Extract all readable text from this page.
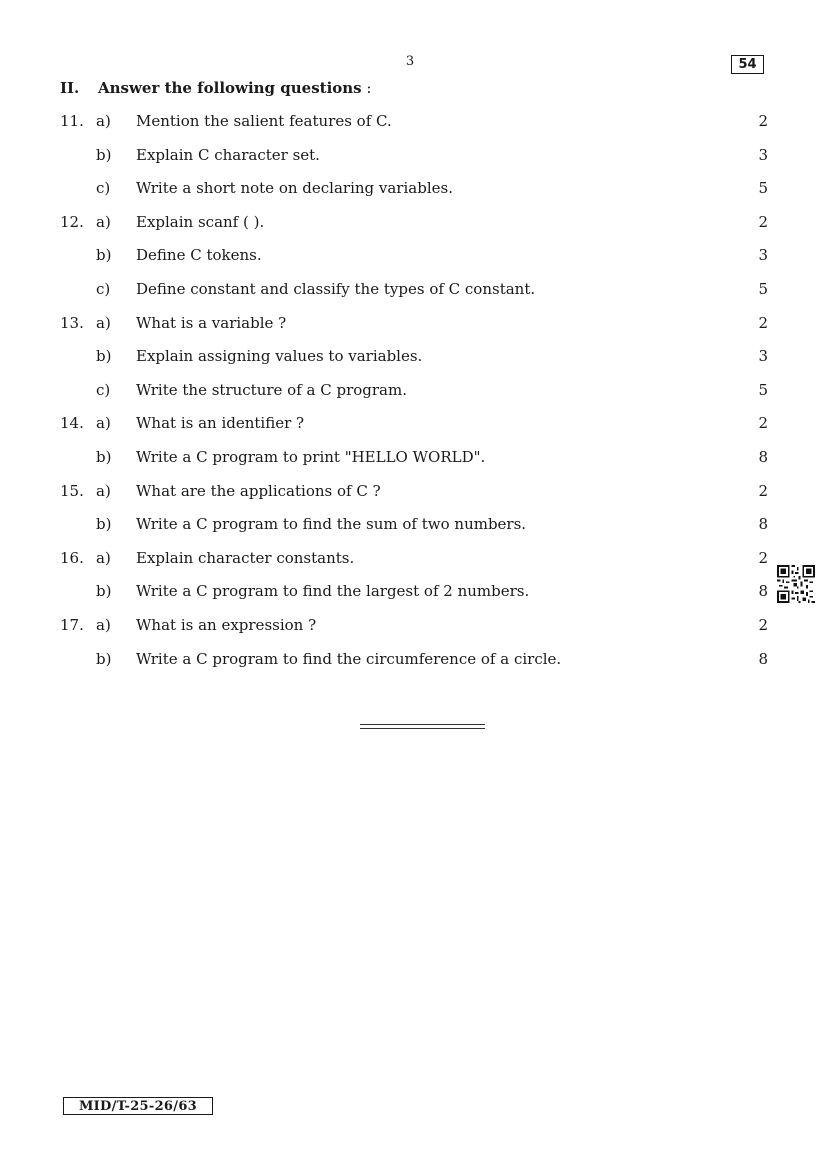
3	54
II. Answer the following questions :
11. a) Mention the salient features of C.	2
b) Explain C character set.	3
c) Write a short note on declaring variables.	5
12. a) Explain scanf ( ).	2
b) Define C tokens.	3
c) Define constant and classify the types of C constant.	5
13. a) What is a variable ?	2
b) Explain assigning values to variables.	3
c) Write the structure of a C program.	5
14. a) What is an identifier ?	2
b) Write a C program to print "HELLO WORLD".	8
15. a) What are the applications of C ?	2
b) Write a C program to find the sum of two numbers.	8
16. a) Explain character constants.	2
b) Write a C program to find the largest of 2 numbers.	8
17. a) What is an expression ?	2
b) Write a C program to find the circumference of a circle.	8
MID/T-25-26/63
